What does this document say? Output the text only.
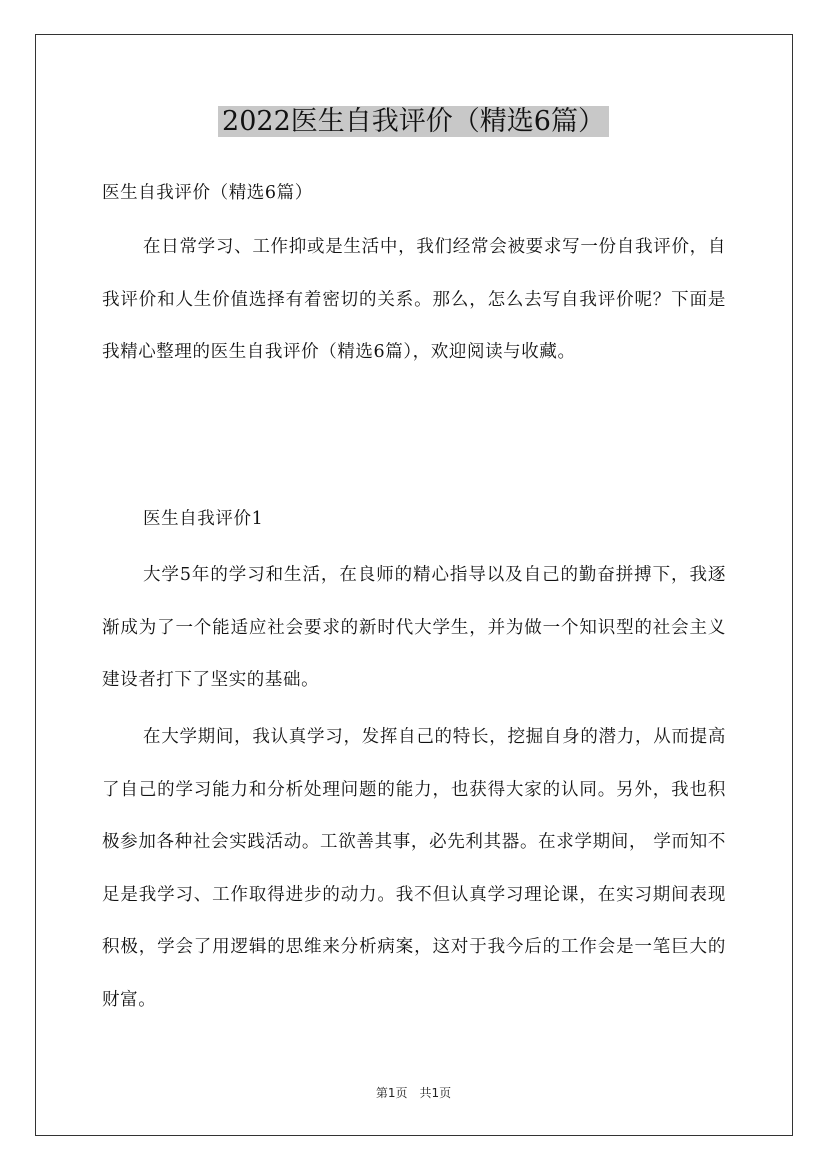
2022医生自我评价（精选6篇）
医生自我评价（精选6篇）
在日常学习、工作抑或是生活中，我们经常会被要求写一份自我评价，自我评价和人生价值选择有着密切的关系。那么，怎么去写自我评价呢？下面是我精心整理的医生自我评价（精选6篇），欢迎阅读与收藏。
医生自我评价1
大学5年的学习和生活，在良师的精心指导以及自己的勤奋拼搏下，我逐渐成为了一个能适应社会要求的新时代大学生，并为做一个知识型的社会主义建设者打下了坚实的基础。
在大学期间，我认真学习，发挥自己的特长，挖掘自身的潜力，从而提高了自己的学习能力和分析处理问题的能力，也获得大家的认同。另外，我也积极参加各种社会实践活动。工欲善其事，必先利其器。在求学期间， 学而知不足是我学习、工作取得进步的动力。我不但认真学习理论课，在实习期间表现积极，学会了用逻辑的思维来分析病案，这对于我今后的工作会是一笔巨大的财富。
第1页　共1页
